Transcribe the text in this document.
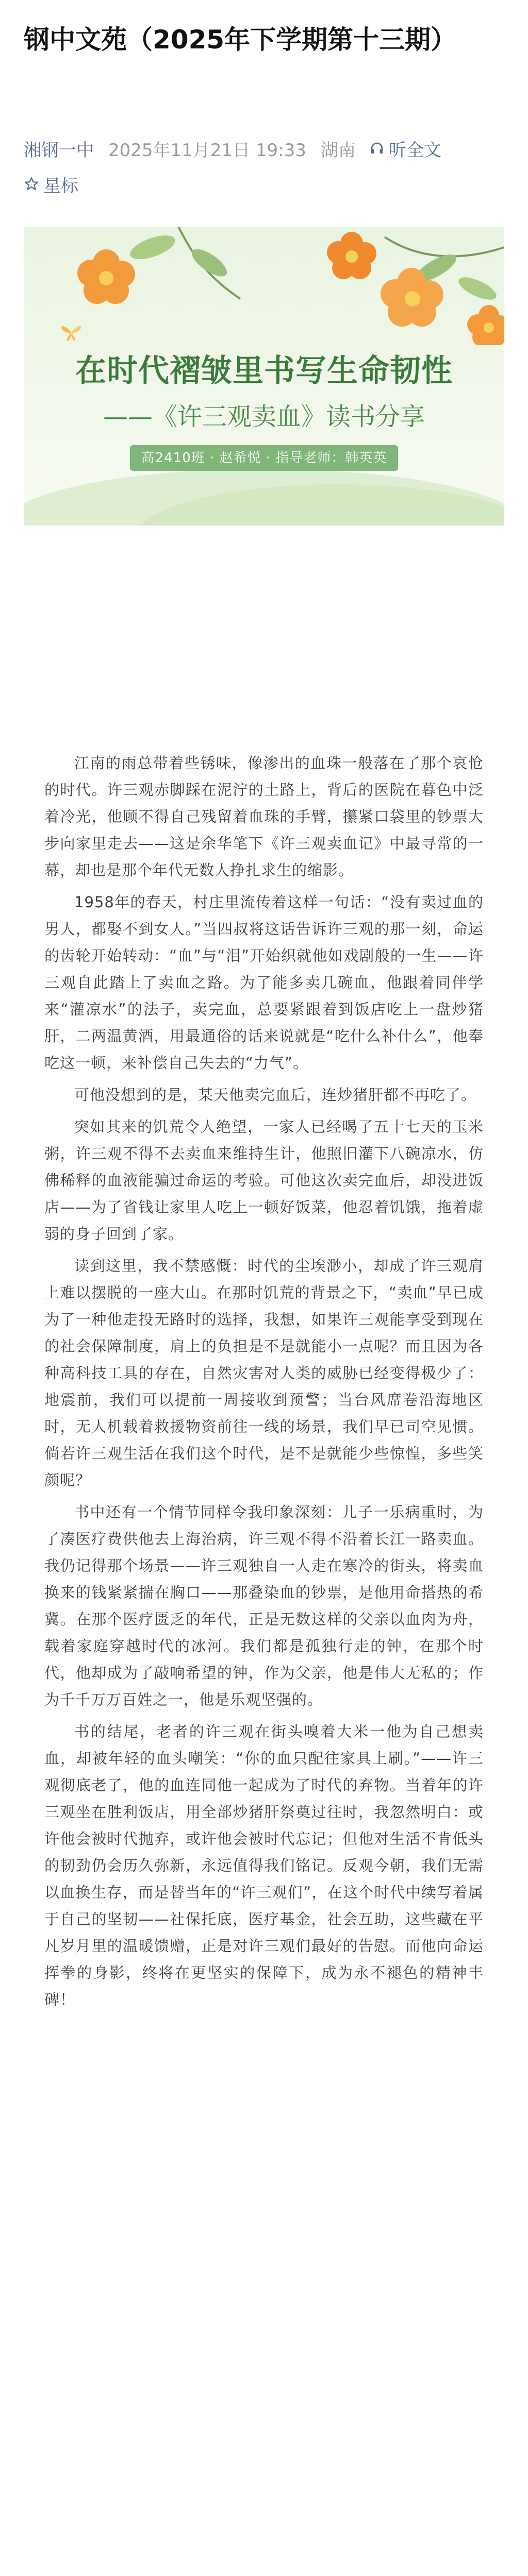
钢中文苑（2025年下学期第十三期）
湘钢一中 2025年11月21日 19:33 湖南 听全文
星标
在时代褶皱里书写生命韧性
——《许三观卖血》读书分享
高2410班 · 赵希悦 · 指导老师：韩英英

江南的雨总带着些锈味，像渗出的血珠一般落在了那个哀怆的时代。许三观赤脚踩在泥泞的土路上，背后的医院在暮色中泛着冷光，他顾不得自己残留着血珠的手臂，攥紧口袋里的钞票大步向家里走去——这是余华笔下《许三观卖血记》中最寻常的一幕，却也是那个年代无数人挣扎求生的缩影。

1958年的春天，村庄里流传着这样一句话：“没有卖过血的男人，都娶不到女人。”当四叔将这话告诉许三观的那一刻，命运的齿轮开始转动：“血”与“泪”开始织就他如戏剧般的一生——许三观自此踏上了卖血之路。为了能多卖几碗血，他跟着同伴学来“灌凉水”的法子，卖完血，总要紧跟着到饭店吃上一盘炒猪肝，二两温黄酒，用最通俗的话来说就是“吃什么补什么”，他奉吃这一顿，来补偿自己失去的“力气”。

可他没想到的是，某天他卖完血后，连炒猪肝都不再吃了。

突如其来的饥荒令人绝望，一家人已经喝了五十七天的玉米粥，许三观不得不去卖血来维持生计，他照旧灌下八碗凉水，仿佛稀释的血液能骗过命运的考验。可他这次卖完血后，却没进饭店——为了省钱让家里人吃上一顿好饭菜，他忍着饥饿，拖着虚弱的身子回到了家。

读到这里，我不禁感慨：时代的尘埃渺小，却成了许三观肩上难以摆脱的一座大山。在那时饥荒的背景之下，“卖血”早已成为了一种他走投无路时的选择，我想，如果许三观能享受到现在的社会保障制度，肩上的负担是不是就能小一点呢？而且因为各种高科技工具的存在，自然灾害对人类的威胁已经变得极少了：地震前，我们可以提前一周接收到预警；当台风席卷沿海地区时，无人机载着救援物资前往一线的场景，我们早已司空见惯。倘若许三观生活在我们这个时代，是不是就能少些惊惶，多些笑颜呢？

书中还有一个情节同样令我印象深刻：儿子一乐病重时，为了凑医疗费供他去上海治病，许三观不得不沿着长江一路卖血。我仍记得那个场景——许三观独自一人走在寒冷的街头，将卖血换来的钱紧紧揣在胸口——那叠染血的钞票，是他用命搭热的希冀。在那个医疗匮乏的年代，正是无数这样的父亲以血肉为舟，载着家庭穿越时代的冰河。我们都是孤独行走的钟，在那个时代，他却成为了敲响希望的钟，作为父亲，他是伟大无私的；作为千千万万百姓之一，他是乐观坚强的。

书的结尾，老者的许三观在街头嗅着大米一他为自己想卖血，却被年轻的血头嘲笑：“你的血只配往家具上刷。”——许三观彻底老了，他的血连同他一起成为了时代的弃物。当着年的许三观坐在胜利饭店，用全部炒猪肝祭奠过往时，我忽然明白：或许他会被时代抛弃，或许他会被时代忘记；但他对生活不肯低头的韧劲仍会历久弥新，永远值得我们铭记。反观今朝，我们无需以血换生存，而是替当年的“许三观们”，在这个时代中续写着属于自己的坚韧——社保托底，医疗基金，社会互助，这些藏在平凡岁月里的温暖馈赠，正是对许三观们最好的告慰。而他向命运挥拳的身影，终将在更坚实的保障下，成为永不褪色的精神丰碑！
